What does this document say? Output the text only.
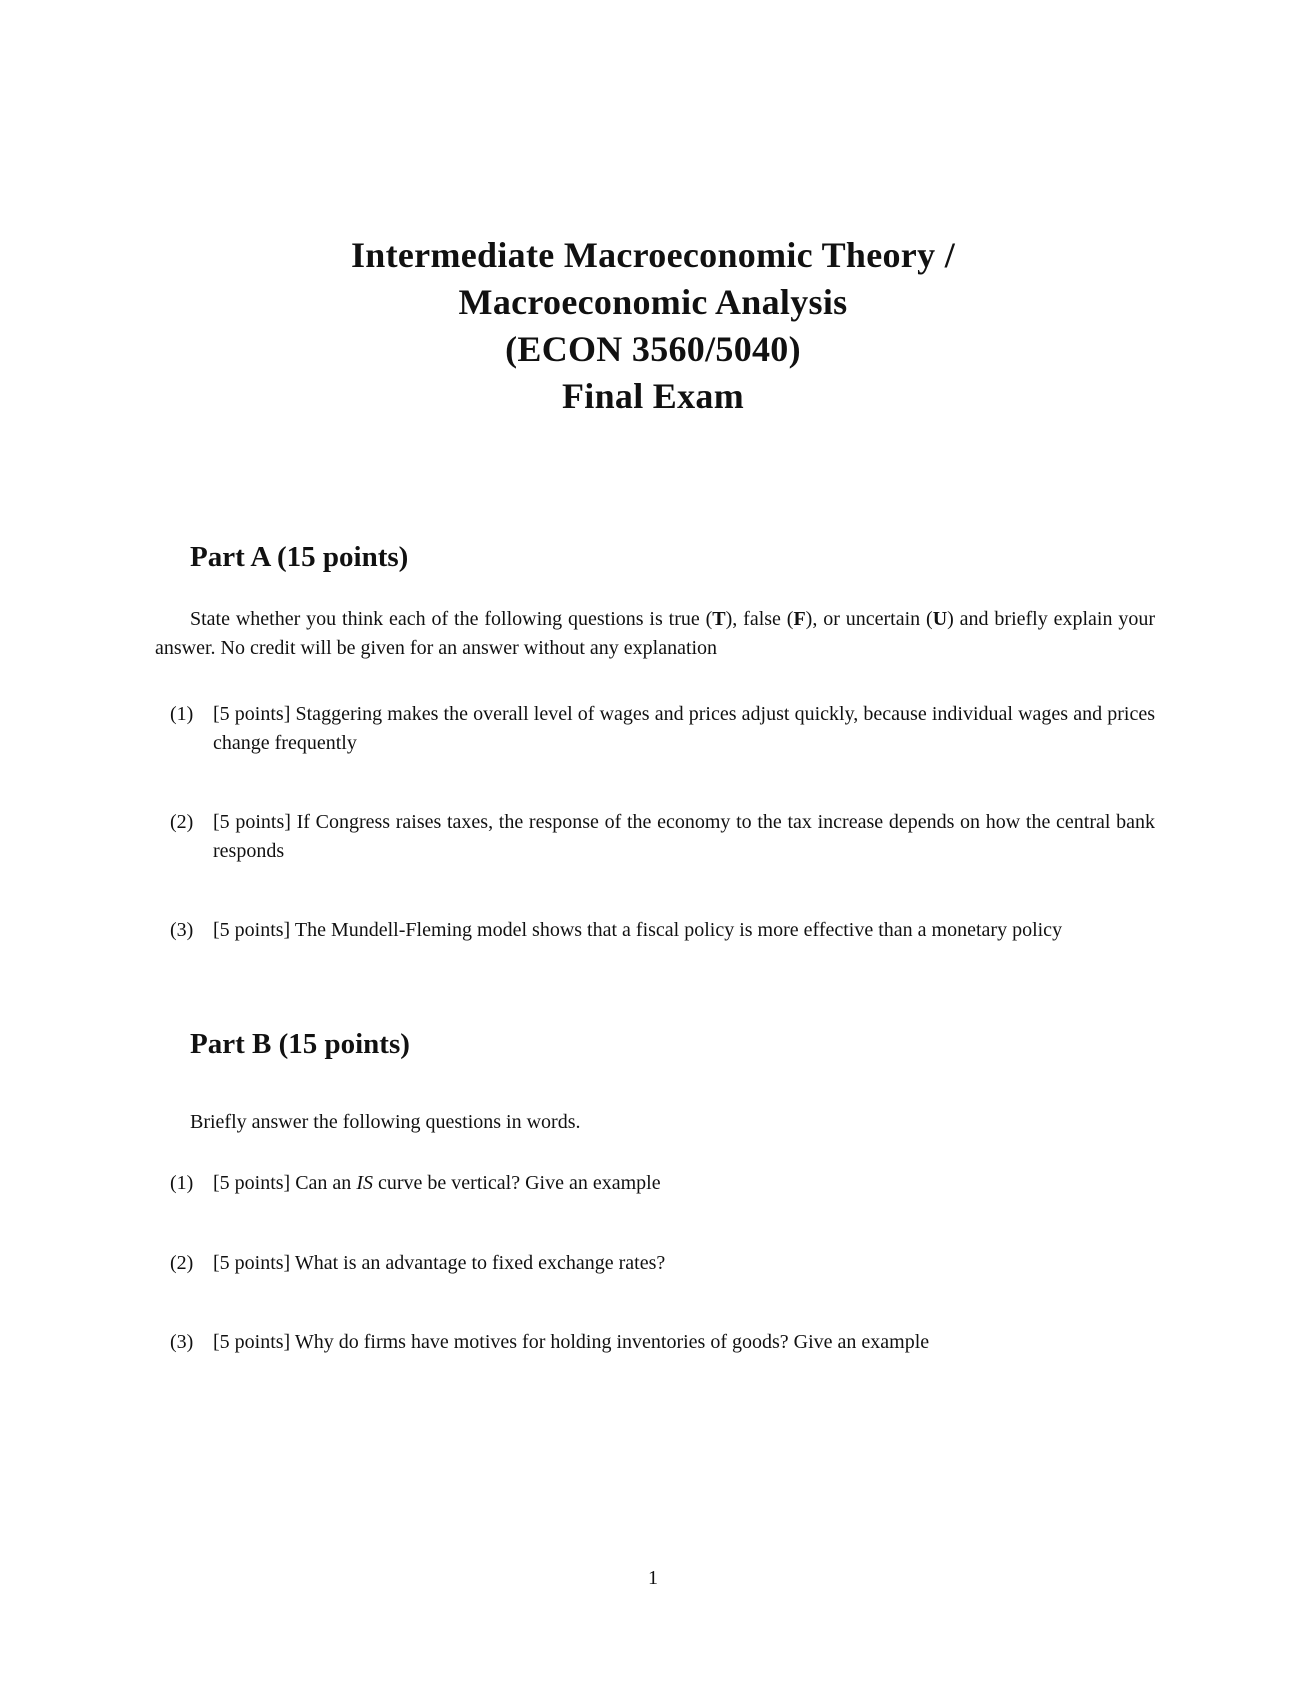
Intermediate Macroeconomic Theory /
Macroeconomic Analysis
(ECON 3560/5040)
Final Exam
Part A (15 points)
State whether you think each of the following questions is true (T), false (F), or uncertain (U) and briefly explain your answer. No credit will be given for an answer without any explanation
(1) [5 points] Staggering makes the overall level of wages and prices adjust quickly, because individual wages and prices change frequently
(2) [5 points] If Congress raises taxes, the response of the economy to the tax increase depends on how the central bank responds
(3) [5 points] The Mundell-Fleming model shows that a fiscal policy is more effective than a monetary policy
Part B (15 points)
Briefly answer the following questions in words.
(1) [5 points] Can an IS curve be vertical? Give an example
(2) [5 points] What is an advantage to fixed exchange rates?
(3) [5 points] Why do firms have motives for holding inventories of goods? Give an example
1
